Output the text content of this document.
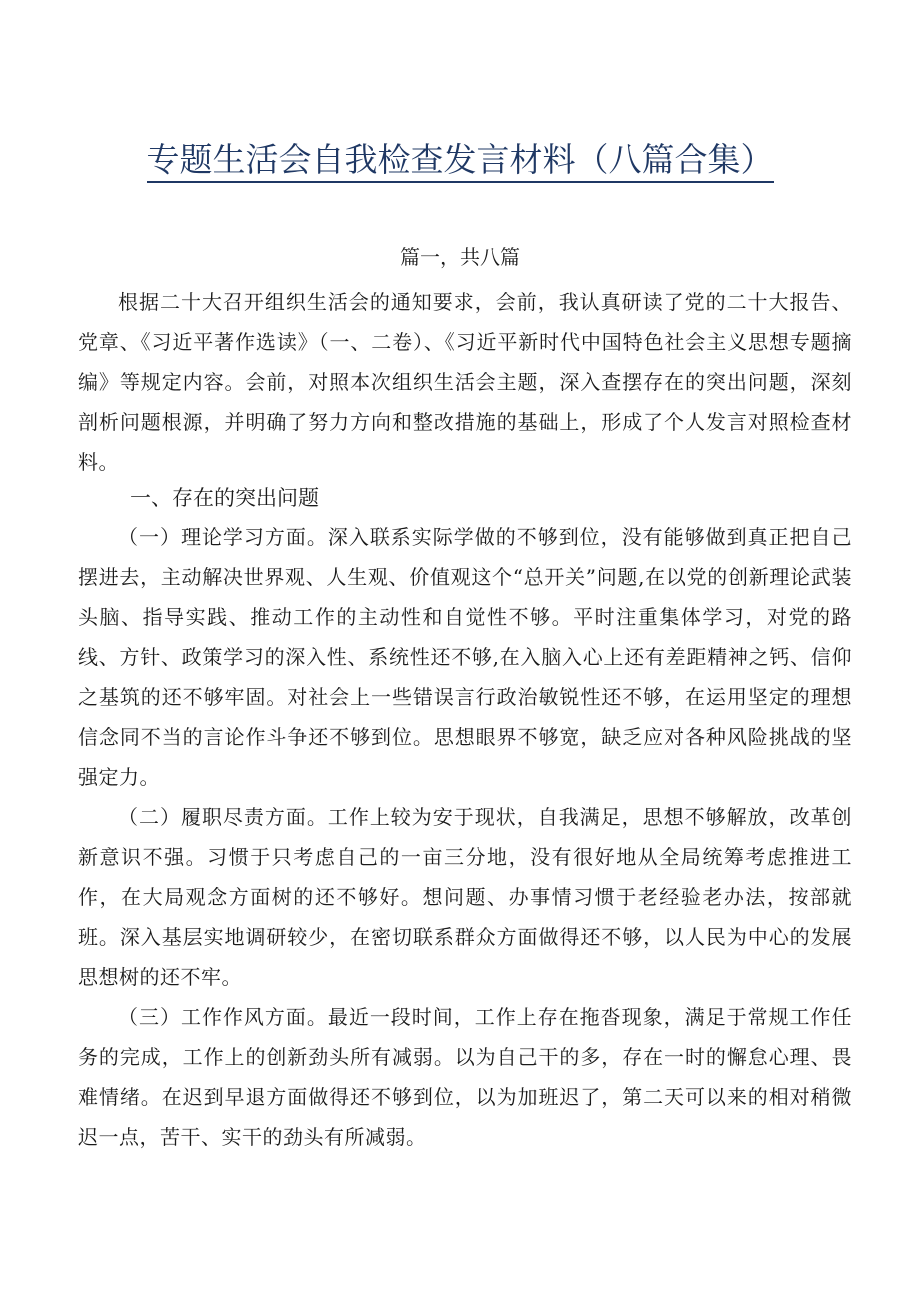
专题生活会自我检查发言材料（八篇合集）

篇一，共八篇

根据二十大召开组织生活会的通知要求，会前，我认真研读了党的二十大报告、党章、《习近平著作选读》（一、二卷）、《习近平新时代中国特色社会主义思想专题摘编》等规定内容。会前，对照本次组织生活会主题，深入查摆存在的突出问题，深刻剖析问题根源，并明确了努力方向和整改措施的基础上，形成了个人发言对照检查材料。

一、存在的突出问题

（一）理论学习方面。深入联系实际学做的不够到位，没有能够做到真正把自己摆进去，主动解决世界观、人生观、价值观这个“总开关”问题,在以党的创新理论武装头脑、指导实践、推动工作的主动性和自觉性不够。平时注重集体学习，对党的路线、方针、政策学习的深入性、系统性还不够,在入脑入心上还有差距精神之钙、信仰之基筑的还不够牢固。对社会上一些错误言行政治敏锐性还不够，在运用坚定的理想信念同不当的言论作斗争还不够到位。思想眼界不够宽，缺乏应对各种风险挑战的坚强定力。

（二）履职尽责方面。工作上较为安于现状，自我满足，思想不够解放，改革创新意识不强。习惯于只考虑自己的一亩三分地，没有很好地从全局统筹考虑推进工作，在大局观念方面树的还不够好。想问题、办事情习惯于老经验老办法，按部就班。深入基层实地调研较少，在密切联系群众方面做得还不够，以人民为中心的发展思想树的还不牢。

（三）工作作风方面。最近一段时间，工作上存在拖沓现象，满足于常规工作任务的完成，工作上的创新劲头所有减弱。以为自己干的多，存在一时的懈怠心理、畏难情绪。在迟到早退方面做得还不够到位，以为加班迟了，第二天可以来的相对稍微迟一点，苦干、实干的劲头有所减弱。
